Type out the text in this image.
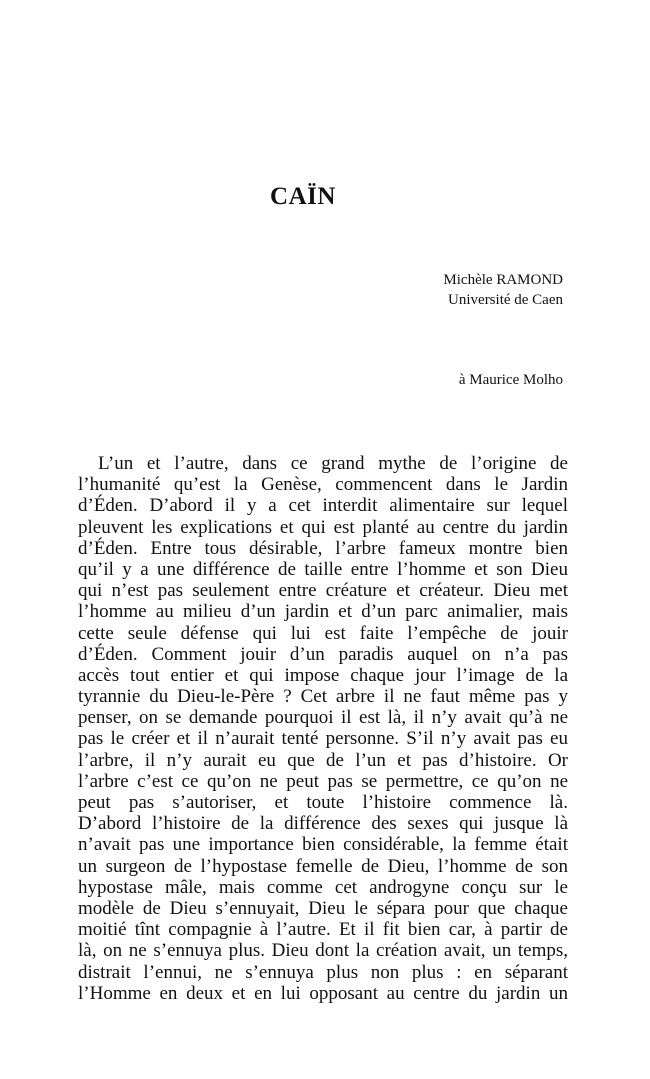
CAÏN
Michèle RAMOND
Université de Caen
à Maurice Molho
L’un et l’autre, dans ce grand mythe de l’origine de
l’humanité qu’est la Genèse, commencent dans le Jardin
d’Éden. D’abord il y a cet interdit alimentaire sur lequel
pleuvent les explications et qui est planté au centre du jardin
d’Éden. Entre tous désirable, l’arbre fameux montre bien
qu’il y a une différence de taille entre l’homme et son Dieu
qui n’est pas seulement entre créature et créateur. Dieu met
l’homme au milieu d’un jardin et d’un parc animalier, mais
cette seule défense qui lui est faite l’empêche de jouir
d’Éden. Comment jouir d’un paradis auquel on n’a pas
accès tout entier et qui impose chaque jour l’image de la
tyrannie du Dieu-le-Père ? Cet arbre il ne faut même pas y
penser, on se demande pourquoi il est là, il n’y avait qu’à ne
pas le créer et il n’aurait tenté personne. S’il n’y avait pas eu
l’arbre, il n’y aurait eu que de l’un et pas d’histoire. Or
l’arbre c’est ce qu’on ne peut pas se permettre, ce qu’on ne
peut pas s’autoriser, et toute l’histoire commence là.
D’abord l’histoire de la différence des sexes qui jusque là
n’avait pas une importance bien considérable, la femme était
un surgeon de l’hypostase femelle de Dieu, l’homme de son
hypostase mâle, mais comme cet androgyne conçu sur le
modèle de Dieu s’ennuyait, Dieu le sépara pour que chaque
moitié tînt compagnie à l’autre. Et il fit bien car, à partir de
là, on ne s’ennuya plus. Dieu dont la création avait, un temps,
distrait l’ennui, ne s’ennuya plus non plus : en séparant
l’Homme en deux et en lui opposant au centre du jardin un
